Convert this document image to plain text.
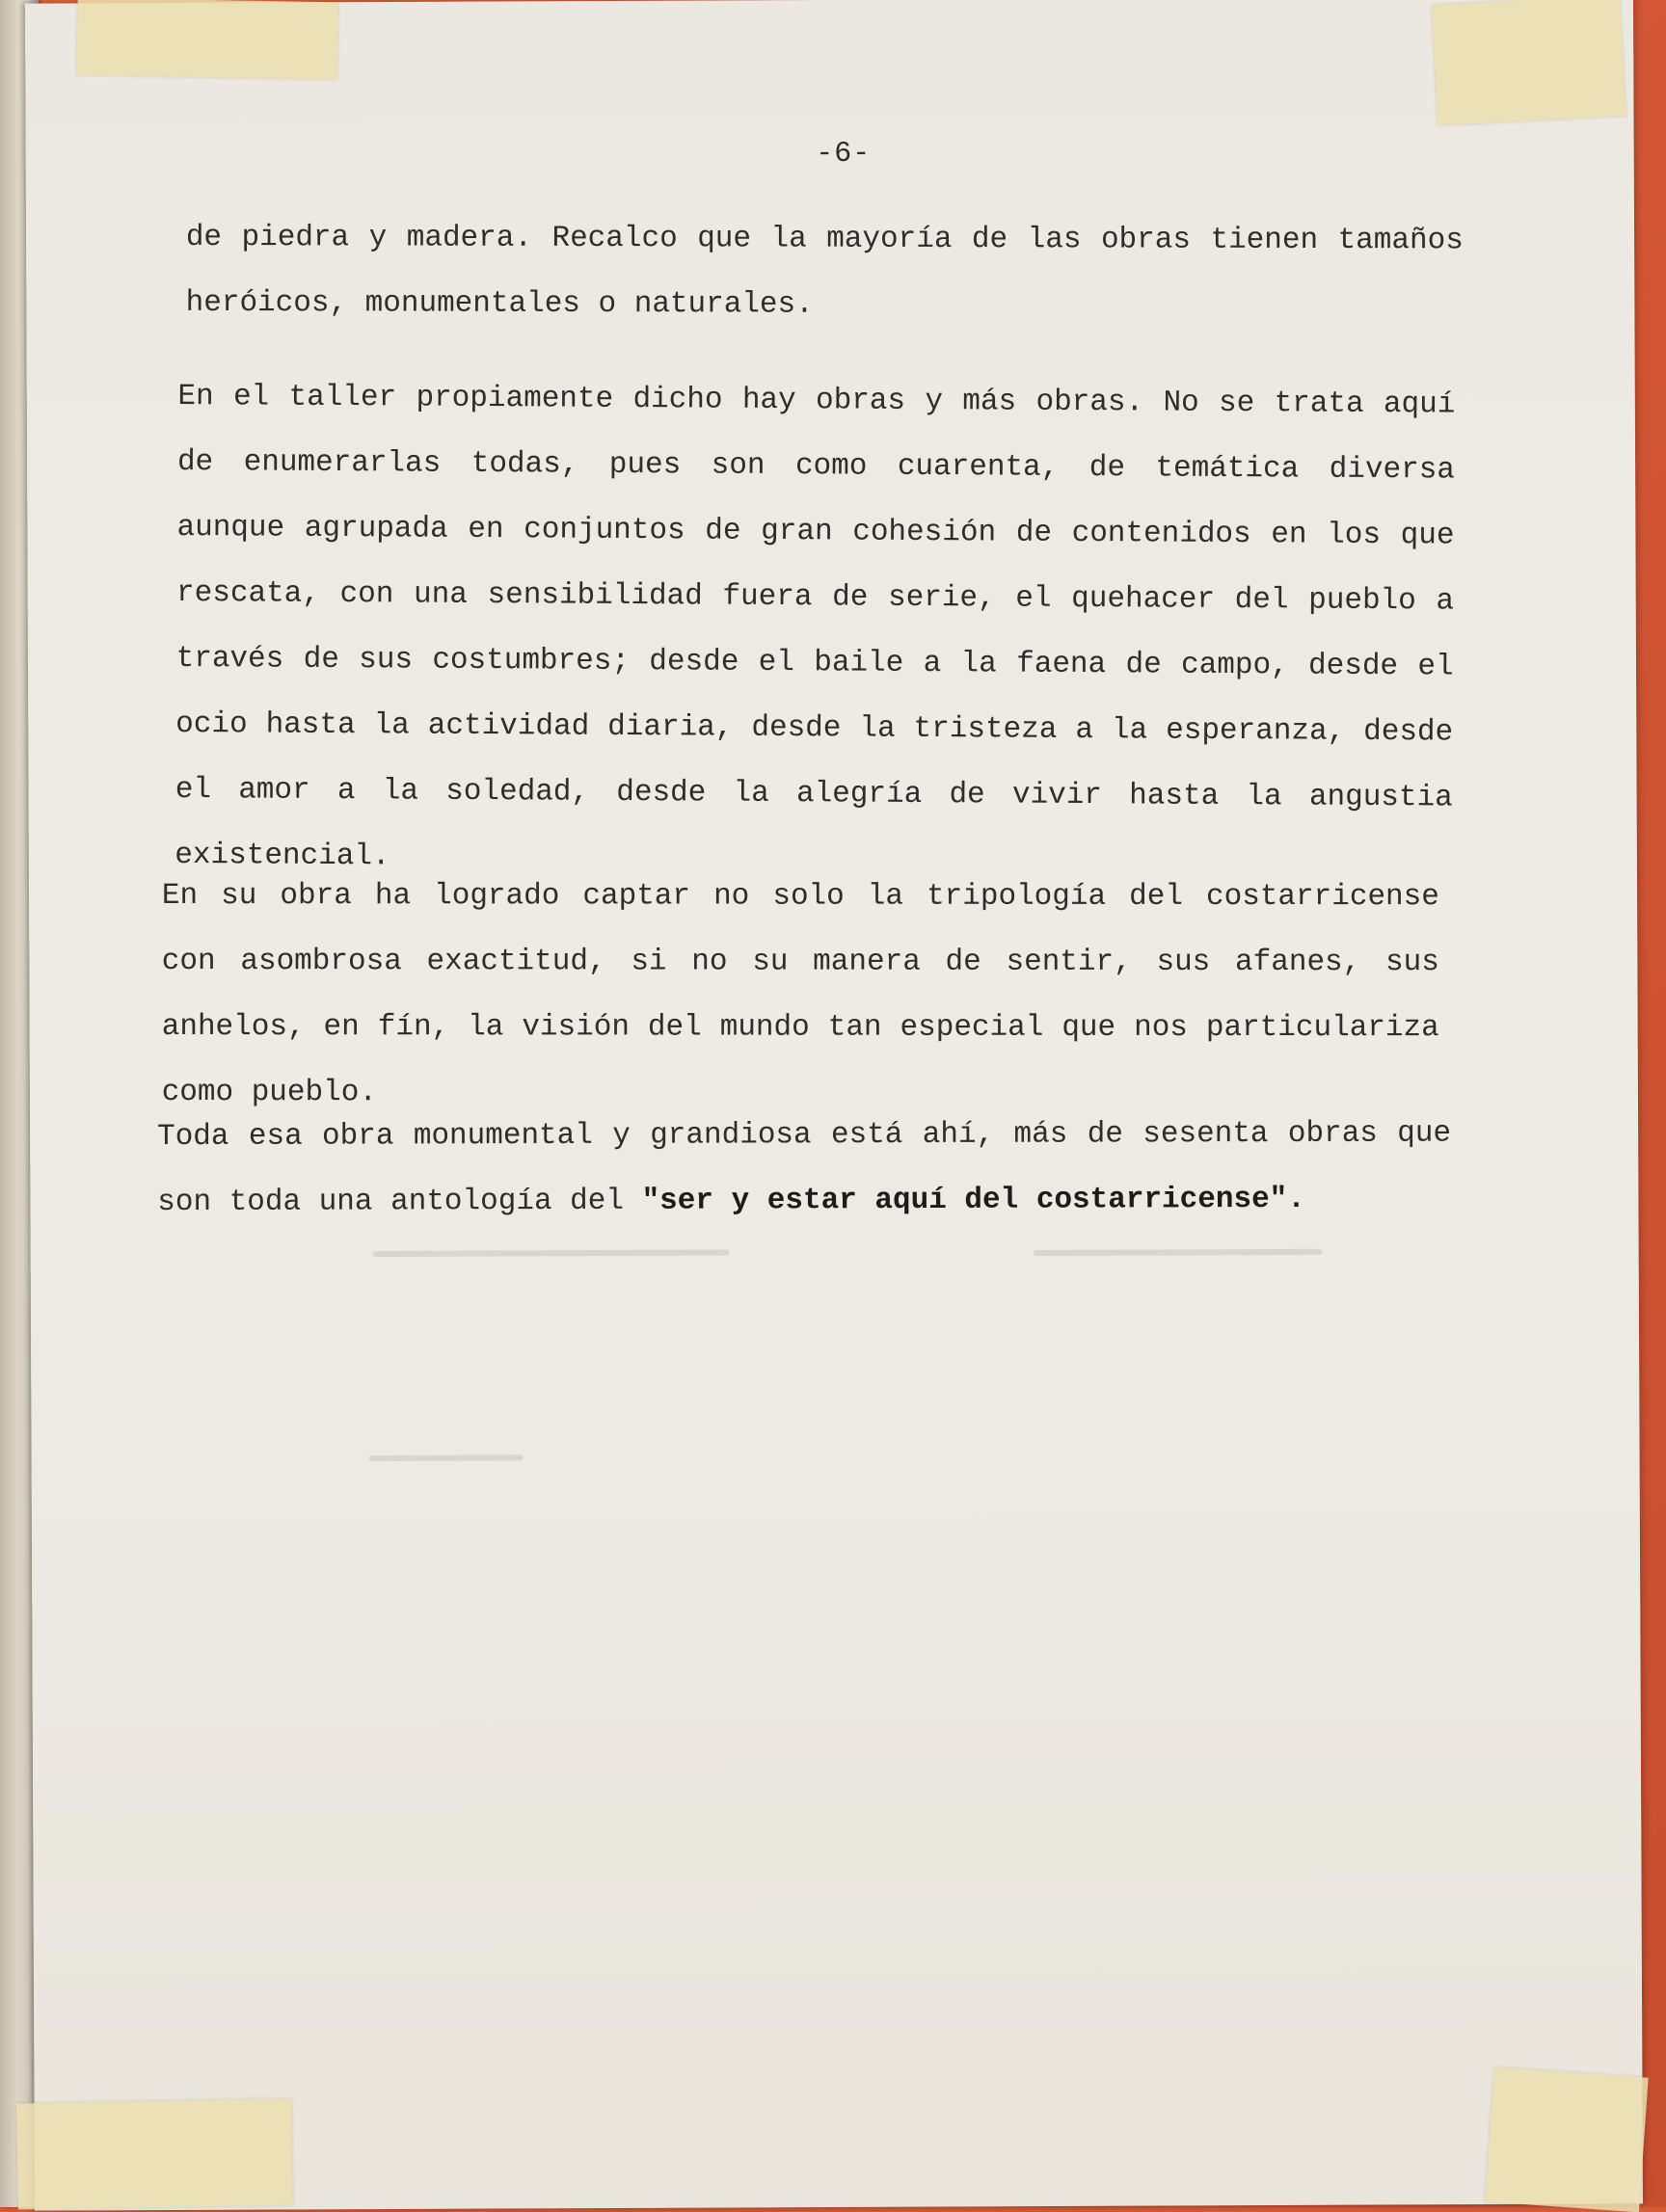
-6-

de piedra y madera. Recalco que la mayoría de las obras tienen tamaños heróicos, monumentales o naturales.

En el taller propiamente dicho hay obras y más obras. No se trata aquí de enumerarlas todas, pues son como cuarenta, de temática diversa aunque agrupada en conjuntos de gran cohesión de contenidos en los que rescata, con una sensibilidad fuera de serie, el quehacer del pueblo a través de sus costumbres; desde el baile a la faena de campo, desde el ocio hasta la actividad diaria, desde la tristeza a la esperanza, desde el amor a la soledad, desde la alegría de vivir hasta la angustia existencial.

En su obra ha logrado captar no solo la tripología del costarricense con asombrosa exactitud, si no su manera de sentir, sus afanes, sus anhelos, en fín, la visión del mundo tan especial que nos particulariza como pueblo.

Toda esa obra monumental y grandiosa está ahí, más de sesenta obras que son toda una antología del "ser y estar aquí del costarricense".
